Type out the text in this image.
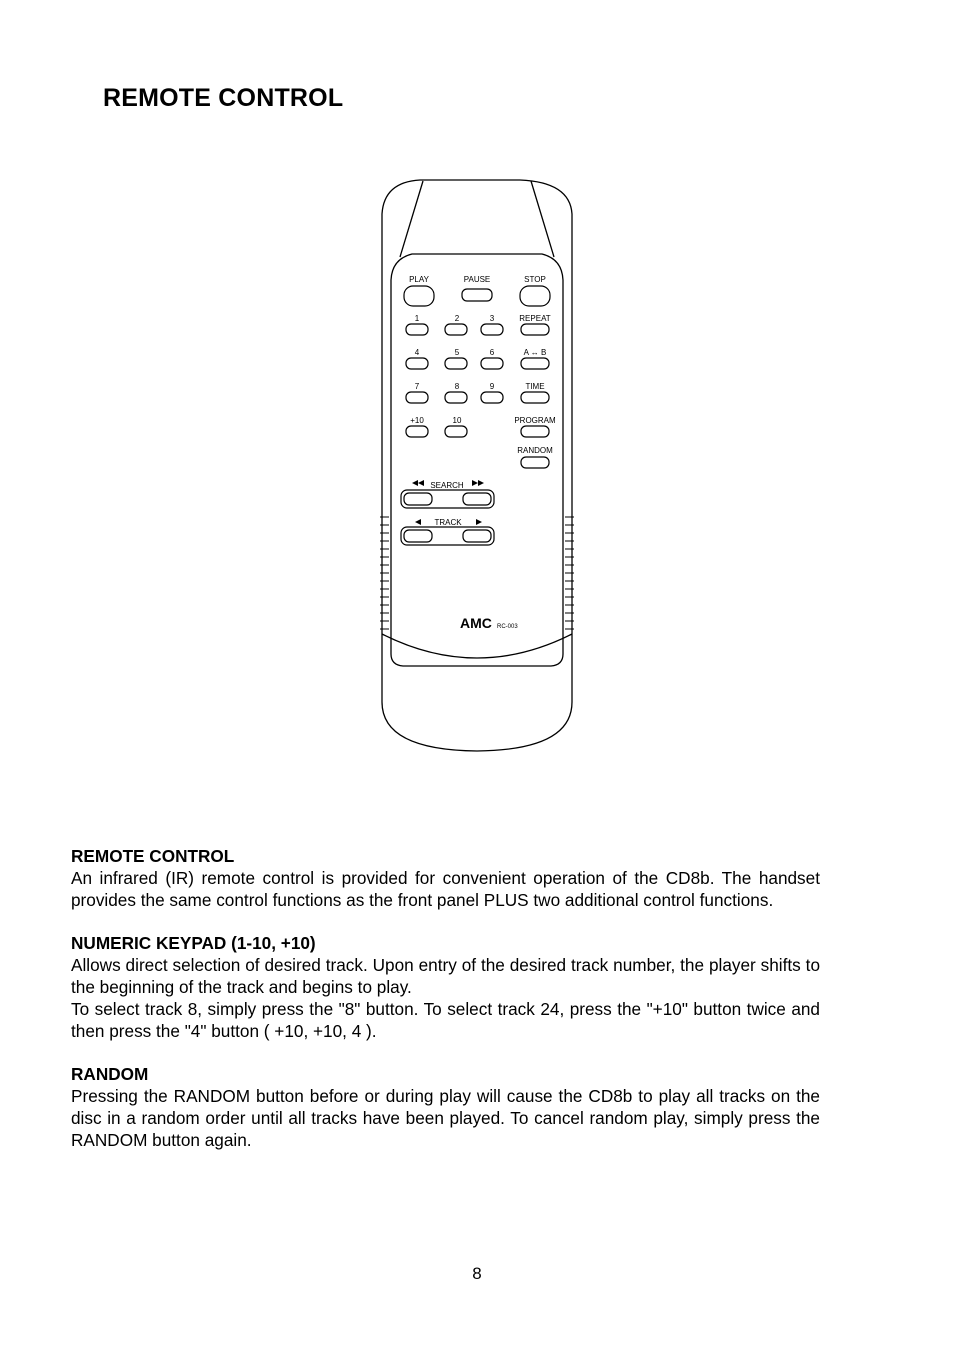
REMOTE CONTROL
PLAY	PAUSE	STOP
1	2	3	REPEAT
4	5	6	A ↔ B
7	8	9	TIME
+10	10	PROGRAM
RANDOM
SEARCH
TRACK
AMC RC-003
REMOTE CONTROL

An infrared (IR) remote control is provided for convenient operation of the CD8b. The handset provides the same control functions as the front panel PLUS two additional control functions.

NUMERIC KEYPAD (1-10, +10)

Allows direct selection of desired track. Upon entry of the desired track number, the player shifts to the beginning of the track and begins to play.

To select track 8, simply press the "8" button. To select track 24, press the "+10" button twice and then press the "4" button ( +10, +10, 4 ).

RANDOM

Pressing the RANDOM button before or during play will cause the CD8b to play all tracks on the disc in a random order until all tracks have been played. To cancel random play, simply press the RANDOM button again.

8
